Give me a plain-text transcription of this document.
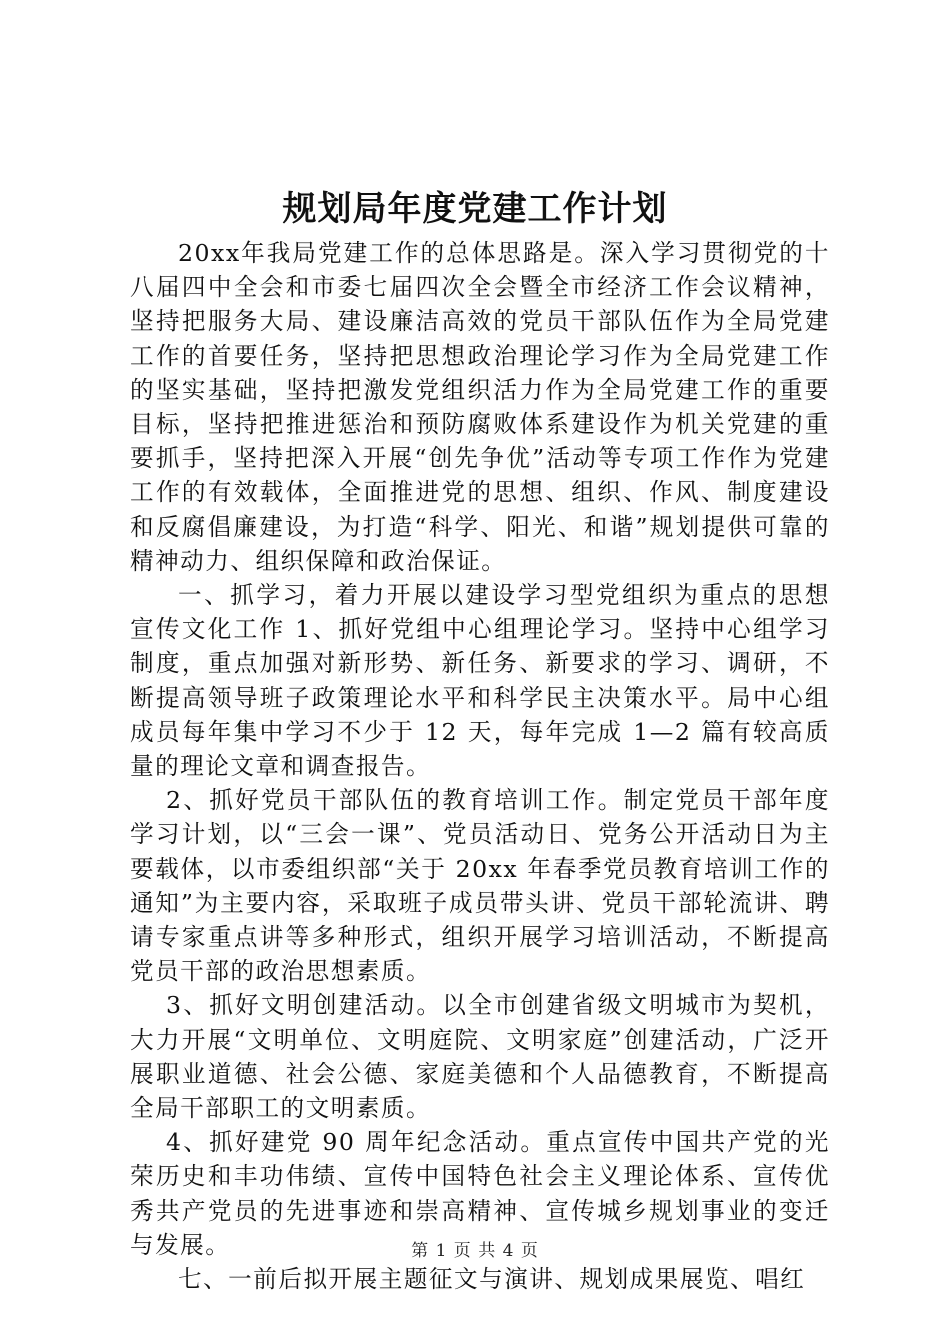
规划局年度党建工作计划

20xx年我局党建工作的总体思路是。深入学习贯彻党的十八届四中全会和市委七届四次全会暨全市经济工作会议精神，坚持把服务大局、建设廉洁高效的党员干部队伍作为全局党建工作的首要任务，坚持把思想政治理论学习作为全局党建工作的坚实基础，坚持把激发党组织活力作为全局党建工作的重要目标，坚持把推进惩治和预防腐败体系建设作为机关党建的重要抓手，坚持把深入开展“创先争优”活动等专项工作作为党建工作的有效载体，全面推进党的思想、组织、作风、制度建设和反腐倡廉建设，为打造“科学、阳光、和谐”规划提供可靠的精神动力、组织保障和政治保证。

一、抓学习，着力开展以建设学习型党组织为重点的思想宣传文化工作 1、抓好党组中心组理论学习。坚持中心组学习制度，重点加强对新形势、新任务、新要求的学习、调研，不断提高领导班子政策理论水平和科学民主决策水平。局中心组成员每年集中学习不少于 12 天，每年完成 1—2 篇有较高质量的理论文章和调查报告。

2、抓好党员干部队伍的教育培训工作。制定党员干部年度学习计划，以“三会一课”、党员活动日、党务公开活动日为主要载体，以市委组织部“关于 20xx 年春季党员教育培训工作的通知”为主要内容，采取班子成员带头讲、党员干部轮流讲、聘请专家重点讲等多种形式，组织开展学习培训活动，不断提高党员干部的政治思想素质。

3、抓好文明创建活动。以全市创建省级文明城市为契机，大力开展“文明单位、文明庭院、文明家庭”创建活动，广泛开展职业道德、社会公德、家庭美德和个人品德教育，不断提高全局干部职工的文明素质。

4、抓好建党 90 周年纪念活动。重点宣传中国共产党的光荣历史和丰功伟绩、宣传中国特色社会主义理论体系、宣传优秀共产党员的先进事迹和崇高精神、宣传城乡规划事业的变迁与发展。

七、一前后拟开展主题征文与演讲、规划成果展览、唱红

第 1 页 共 4 页
